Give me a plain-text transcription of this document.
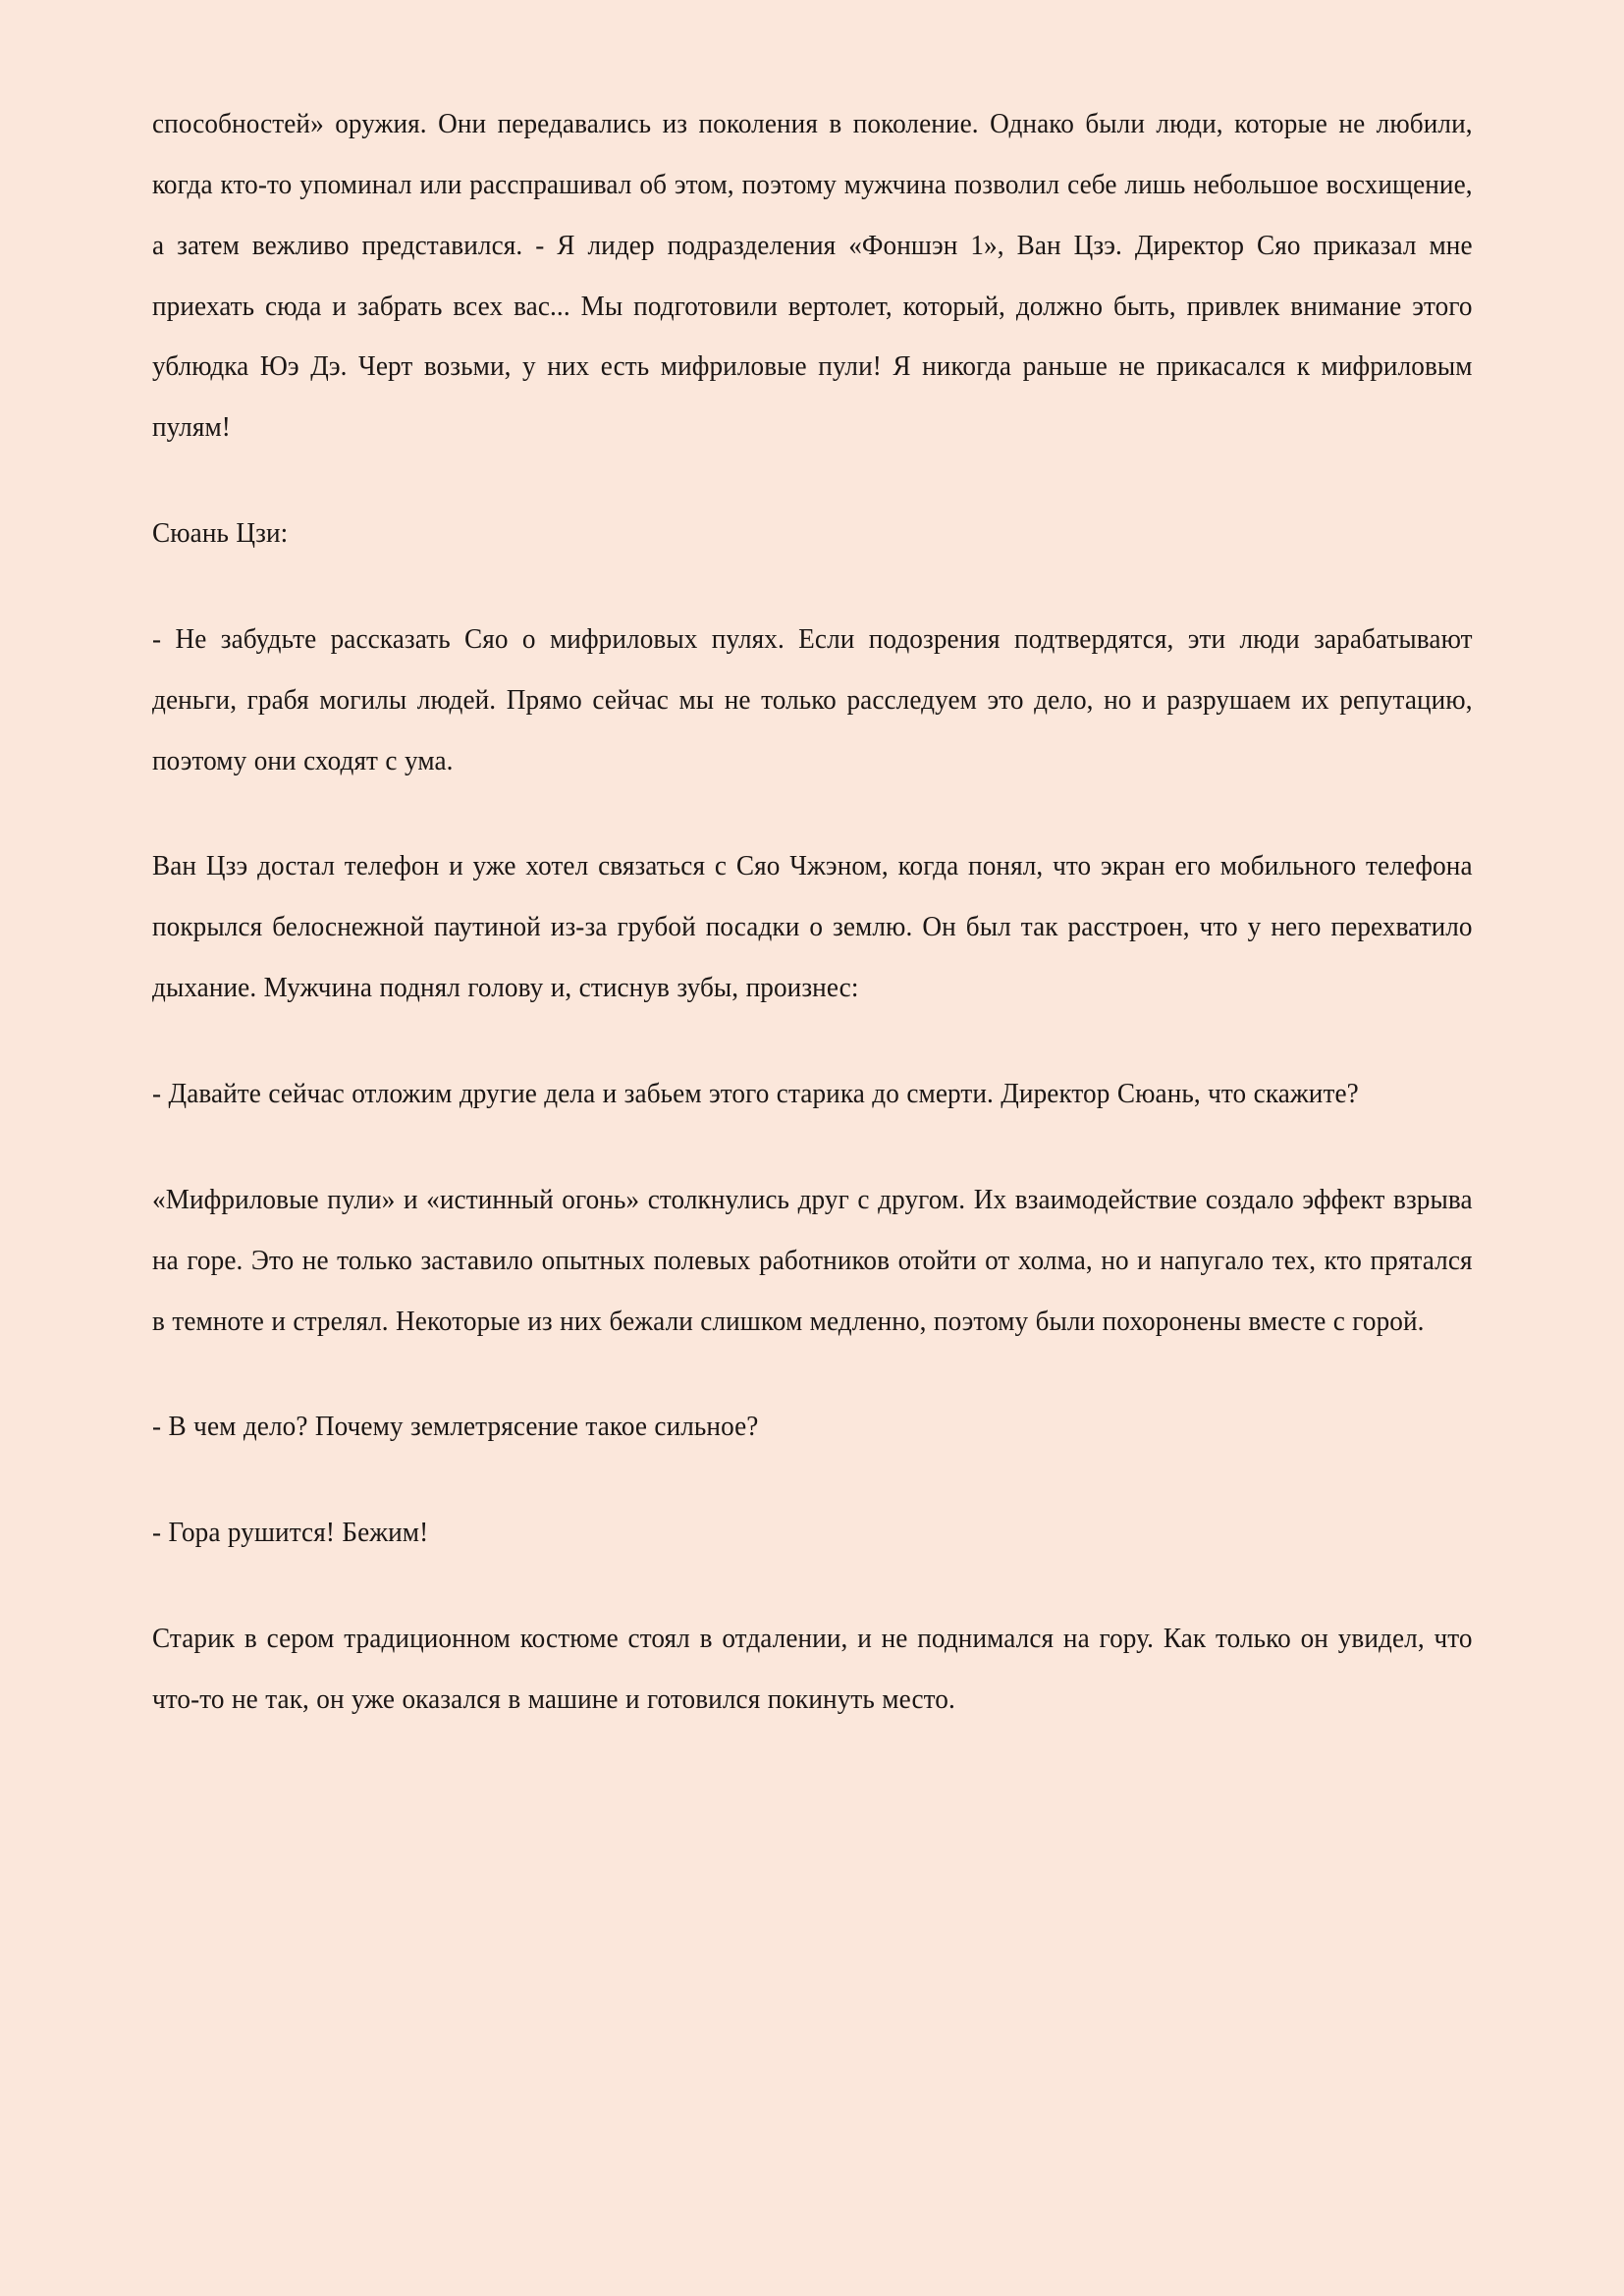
способностей» оружия. Они передавались из поколения в поколение. Однако были люди, которые не любили, когда кто-то упоминал или расспрашивал об этом, поэтому мужчина позволил себе лишь небольшое восхищение, а затем вежливо представился. - Я лидер подразделения «Фоншэн 1», Ван Цзэ. Директор Сяо приказал мне приехать сюда и забрать всех вас... Мы подготовили вертолет, который, должно быть, привлек внимание этого ублюдка Юэ Дэ. Черт возьми, у них есть мифриловые пули! Я никогда раньше не прикасался к мифриловым пулям!

Сюань Цзи:

- Не забудьте рассказать Сяо о мифриловых пулях. Если подозрения подтвердятся, эти люди зарабатывают деньги, грабя могилы людей. Прямо сейчас мы не только расследуем это дело, но и разрушаем их репутацию, поэтому они сходят с ума.

Ван Цзэ достал телефон и уже хотел связаться с Сяо Чжэном, когда понял, что экран его мобильного телефона покрылся белоснежной паутиной из-за грубой посадки о землю. Он был так расстроен, что у него перехватило дыхание. Мужчина поднял голову и, стиснув зубы, произнес:

- Давайте сейчас отложим другие дела и забьем этого старика до смерти. Директор Сюань, что скажите?

«Мифриловые пули» и «истинный огонь» столкнулись друг с другом. Их взаимодействие создало эффект взрыва на горе. Это не только заставило опытных полевых работников отойти от холма, но и напугало тех, кто прятался в темноте и стрелял. Некоторые из них бежали слишком медленно, поэтому были похоронены вместе с горой.

- В чем дело? Почему землетрясение такое сильное?

- Гора рушится! Бежим!

Старик в сером традиционном костюме стоял в отдалении, и не поднимался на гору. Как только он увидел, что что-то не так, он уже оказался в машине и готовился покинуть место.
